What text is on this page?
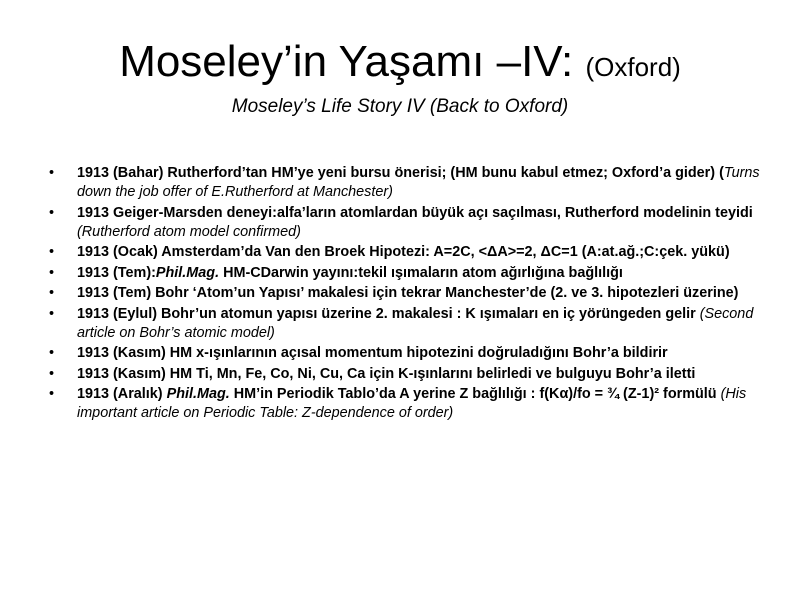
Moseley’in Yaşamı –IV: (Oxford)
Moseley’s Life Story IV (Back to Oxford)
• 1913 (Bahar) Rutherford’tan HM’ye yeni bursu önerisi; (HM bunu kabul etmez; Oxford’a gider) (Turns down the job offer of E.Rutherford at Manchester)
• 1913 Geiger-Marsden deneyi:alfa’ların atomlardan büyük açı saçılması, Rutherford modelinin teyidi (Rutherford atom model confirmed)
• 1913 (Ocak) Amsterdam’da Van den Broek Hipotezi: A=2C, <ΔA>=2, ΔC=1 (A:at.ağ.;C:çek. yükü)
• 1913 (Tem):Phil.Mag. HM-CDarwin yayını:tekil ışımaların atom ağırlığına bağlılığı
• 1913 (Tem) Bohr ‘Atom’un Yapısı’ makalesi için tekrar Manchester’de (2. ve 3. hipotezleri üzerine)
• 1913 (Eylul) Bohr’un atomun yapısı üzerine 2. makalesi : K ışımaları en iç yörüngeden gelir (Second article on Bohr’s atomic model)
• 1913 (Kasım) HM x-ışınlarının açısal momentum hipotezini doğruladığını Bohr’a bildirir
• 1913 (Kasım) HM Ti, Mn, Fe, Co, Ni, Cu, Ca için K-ışınlarını belirledi ve bulguyu Bohr’a iletti
• 1913 (Aralık) Phil.Mag. HM’in Periodik Tablo’da A yerine Z bağlılığı : f(Kα)/fo = ¾ (Z-1)² formülü (His important article on Periodic Table: Z-dependence of order)
